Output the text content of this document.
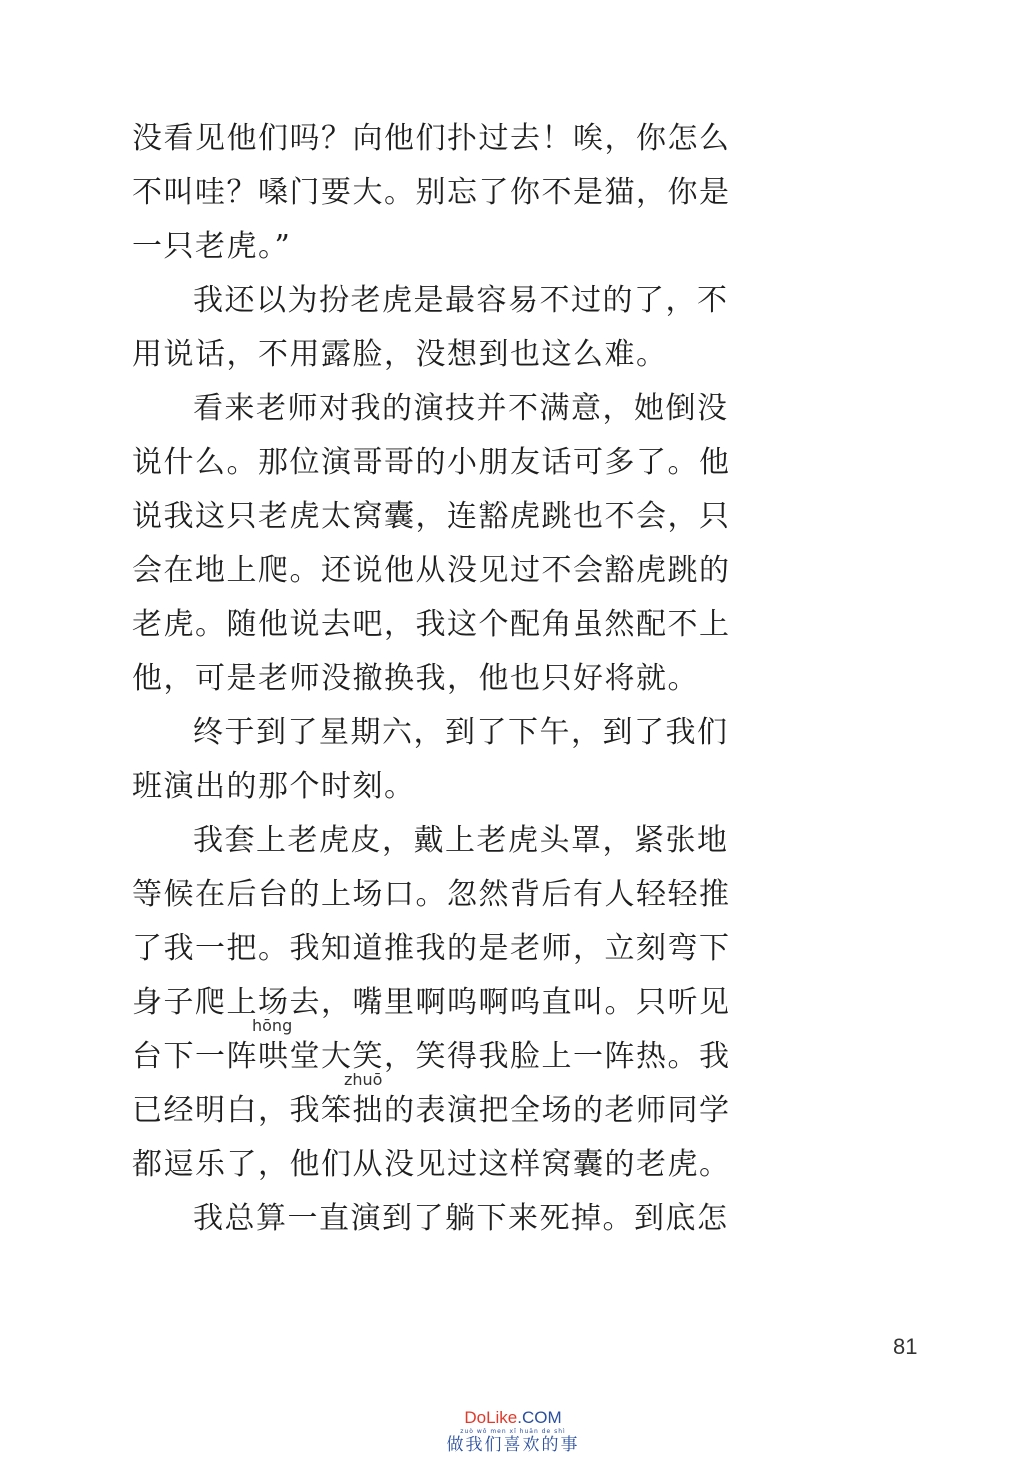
没看见他们吗？向他们扑过去！唉，你怎么
不叫哇？嗓门要大。别忘了你不是猫，你是
一只老虎。”
我还以为扮老虎是最容易不过的了，不
用说话，不用露脸，没想到也这么难。
看来老师对我的演技并不满意，她倒没
说什么。那位演哥哥的小朋友话可多了。他
说我这只老虎太窝囊，连豁虎跳也不会，只
会在地上爬。还说他从没见过不会豁虎跳的
老虎。随他说去吧，我这个配角虽然配不上
他，可是老师没撤换我，他也只好将就。
终于到了星期六，到了下午，到了我们
班演出的那个时刻。
我套上老虎皮，戴上老虎头罩，紧张地
等候在后台的上场口。忽然背后有人轻轻推
了我一把。我知道推我的是老师，立刻弯下
身子爬上场去，嘴里啊呜啊呜直叫。只听见
hōng
台下一阵哄堂大笑，笑得我脸上一阵热。我
zhuō
已经明白，我笨拙的表演把全场的老师同学
都逗乐了，他们从没见过这样窝囊的老虎。
我总算一直演到了躺下来死掉。到底怎
81
DoLike.COM
zuò wǒ men xǐ huān de shì
做我们喜欢的事
